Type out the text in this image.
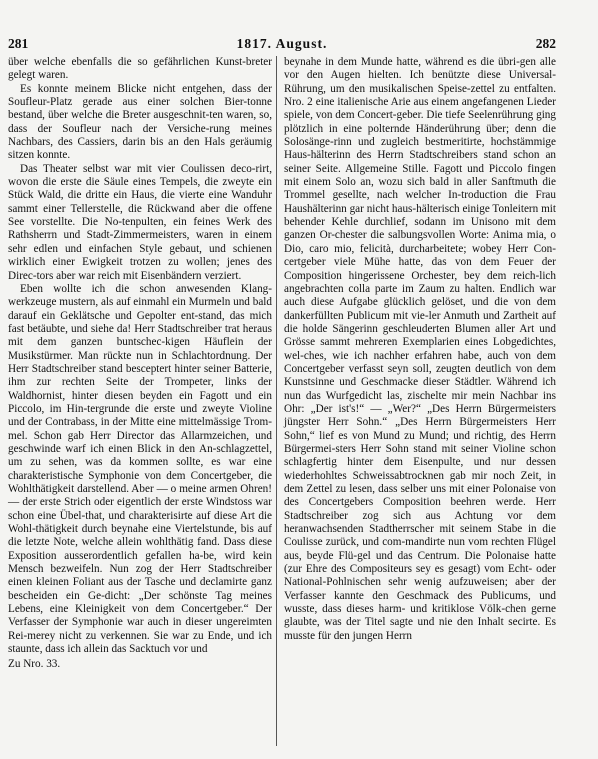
281	1817. August.	282

über welche ebenfalls die so gefährlichen Kunst-breter gelegt waren.

Es konnte meinem Blicke nicht entgehen, dass der Soufleur-Platz gerade aus einer solchen Bier-tonne bestand, über welche die Breter ausgeschnit-ten waren, so, dass der Soufleur nach der Versiche-rung meines Nachbars, des Cassiers, darin bis an den Hals geräumig sitzen konnte.

Das Theater selbst war mit vier Coulissen deco-rirt, wovon die erste die Säule eines Tempels, die zweyte ein Stück Wald, die dritte ein Haus, die vierte eine Wanduhr sammt einer Tellerstelle, die Rückwand aber die offene See vorstellte. Die No-tenpulten, ein feines Werk des Rathsherrn und Stadt-Zimmermeisters, waren in einem sehr edlen und einfachen Style gebaut, und schienen wirklich einer Ewigkeit trotzen zu wollen; jenes des Direc-tors aber war reich mit Eisenbändern verziert.

Eben wollte ich die schon anwesenden Klang-werkzeuge mustern, als auf einmahl ein Murmeln und bald darauf ein Geklätsche und Gepolter ent-stand, das mich fast betäubte, und siehe da! Herr Stadtschreiber trat heraus mit dem ganzen buntschec-kigen Häuflein der Musikstürmer. Man rückte nun in Schlachtordnung. Der Herr Stadtschreiber stand besceptert hinter seiner Batterie, ihm zur rechten Seite der Trompeter, links der Waldhornist, hinter diesen beyden ein Fagott und ein Piccolo, im Hin-tergrunde die erste und zweyte Violine und der Contrabass, in der Mitte eine mittelmässige Trom-mel. Schon gab Herr Director das Allarmzeichen, und geschwinde warf ich einen Blick in den An-schlagzettel, um zu sehen, was da kommen sollte, es war eine charakteristische Symphonie von dem Concertgeber, die Wohlthätigkeit darstellend. Aber — o meine armen Ohren! — der erste Strich oder eigentlich der erste Windstoss war schon eine Übel-that, und charakterisirte auf diese Art die Wohl-thätigkeit durch beynahe eine Viertelstunde, bis auf die letzte Note, welche allein wohlthätig fand. Dass diese Exposition ausserordentlich gefallen ha-be, wird kein Mensch bezweifeln. Nun zog der Herr Stadtschreiber einen kleinen Foliant aus der Tasche und declamirte ganz bescheiden ein Ge-dicht: „Der schönste Tag meines Lebens, eine Kleinigkeit von dem Concertgeber.“ Der Verfasser der Symphonie war auch in dieser ungereimten Rei-merey nicht zu verkennen. Sie war zu Ende, und ich staunte, dass ich allein das Sacktuch vor und

Zu Nro. 33.

beynahe in dem Munde hatte, während es die übri-gen alle vor den Augen hielten. Ich benützte diese Universal-Rührung, um den musikalischen Speise-zettel zu entfalten. Nro. 2 eine italienische Arie aus einem angefangenen Lieder spiele, von dem Concert-geber. Die tiefe Seelenrührung ging plötzlich in eine polternde Händerührung über; denn die Solosänge-rinn und zugleich bestmeritirte, hochstämmige Haus-hälterinn des Herrn Stadtschreibers stand schon an seiner Seite. Allgemeine Stille. Fagott und Piccolo fingen mit einem Solo an, wozu sich bald in aller Sanftmuth die Trommel gesellte, nach welcher In-troduction die Frau Haushälterinn gar nicht haus-hälterisch einige Tonleitern mit behender Kehle durchlief, sodann im Unisono mit dem ganzen Or-chester die salbungsvollen Worte: Anima mia, o Dio, caro mio, felicità, durcharbeitete; wobey Herr Con-certgeber viele Mühe hatte, das von dem Feuer der Composition hingerissene Orchester, bey dem reich-lich angebrachten colla parte im Zaum zu halten. Endlich war auch diese Aufgabe glücklich gelöset, und die von dem dankerfüllten Publicum mit vie-ler Anmuth und Zartheit auf die holde Sängerinn geschleuderten Blumen aller Art und Grösse sammt mehreren Exemplarien eines Lobgedichtes, wel-ches, wie ich nachher erfahren habe, auch von dem Concertgeber verfasst seyn soll, zeugten deutlich von dem Kunstsinne und Geschmacke dieser Städtler. Während ich nun das Wurfgedicht las, zischelte mir mein Nachbar ins Ohr: „Der ist's!“ — „Wer?“ „Des Herrn Bürgermeisters jüngster Herr Sohn.“ „Des Herrn Bürgermeisters Herr Sohn,“ lief es von Mund zu Mund; und richtig, des Herrn Bürgermei-sters Herr Sohn stand mit seiner Violine schon schlagfertig hinter dem Eisenpulte, und nur dessen wiederhohltes Schweissabtrocknen gab mir noch Zeit, in dem Zettel zu lesen, dass selber uns mit einer Polonaise von des Concertgebers Composition beehren werde. Herr Stadtschreiber zog sich aus Achtung vor dem heranwachsenden Stadtherrscher mit seinem Stabe in die Coulisse zurück, und com-mandirte nun vom rechten Flügel aus, beyde Flü-gel und das Centrum. Die Polonaise hatte (zur Ehre des Compositeurs sey es gesagt) vom Echt- oder National-Pohlnischen sehr wenig aufzuweisen; aber der Verfasser kannte den Geschmack des Publicums, und wusste, dass dieses harm- und kritiklose Völk-chen gerne glaubte, was der Titel sagte und nie den Inhalt secirte. Es musste für den jungen Herrn
